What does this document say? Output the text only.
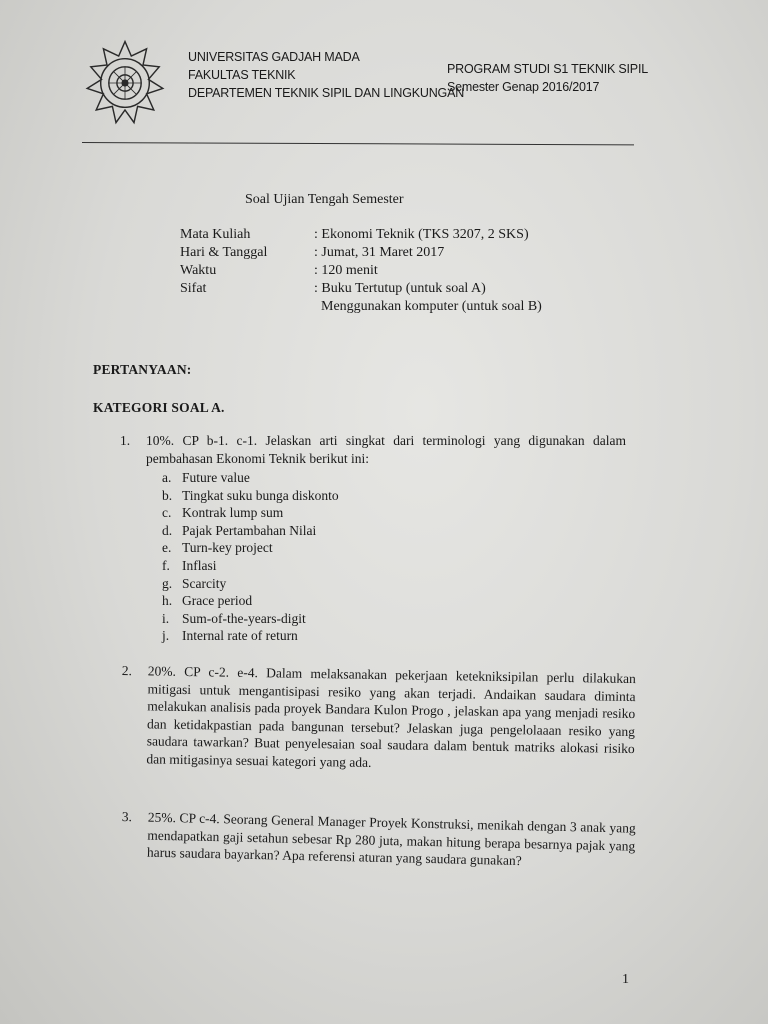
UNIVERSITAS GADJAH MADA
FAKULTAS TEKNIK
DEPARTEMEN TEKNIK SIPIL DAN LINGKUNGAN
PROGRAM STUDI S1 TEKNIK SIPIL
Semester Genap 2016/2017
Soal Ujian Tengah Semester
Mata Kuliah	: Ekonomi Teknik (TKS 3207, 2 SKS)
Hari & Tanggal	: Jumat, 31 Maret 2017
Waktu	: 120 menit
Sifat	: Buku Tertutup (untuk soal A)
Menggunakan komputer (untuk soal B)
PERTANYAAN:
KATEGORI SOAL A.
1. 10%. CP b-1. c-1. Jelaskan arti singkat dari terminologi yang digunakan dalam pembahasan Ekonomi Teknik berikut ini:
a. Future value
b. Tingkat suku bunga diskonto
c. Kontrak lump sum
d. Pajak Pertambahan Nilai
e. Turn-key project
f. Inflasi
g. Scarcity
h. Grace period
i. Sum-of-the-years-digit
j. Internal rate of return
2. 20%. CP c-2. e-4. Dalam melaksanakan pekerjaan ketekniksipilan perlu dilakukan mitigasi untuk mengantisipasi resiko yang akan terjadi. Andaikan saudara diminta melakukan analisis pada proyek Bandara Kulon Progo , jelaskan apa yang menjadi resiko dan ketidakpastian pada bangunan tersebut? Jelaskan juga pengelolaaan resiko yang saudara tawarkan? Buat penyelesaian soal saudara dalam bentuk matriks alokasi risiko dan mitigasinya sesuai kategori yang ada.
3. 25%. CP c-4. Seorang General Manager Proyek Konstruksi, menikah dengan 3 anak yang mendapatkan gaji setahun sebesar Rp 280 juta, makan hitung berapa besarnya pajak yang harus saudara bayarkan? Apa referensi aturan yang saudara gunakan?
1
